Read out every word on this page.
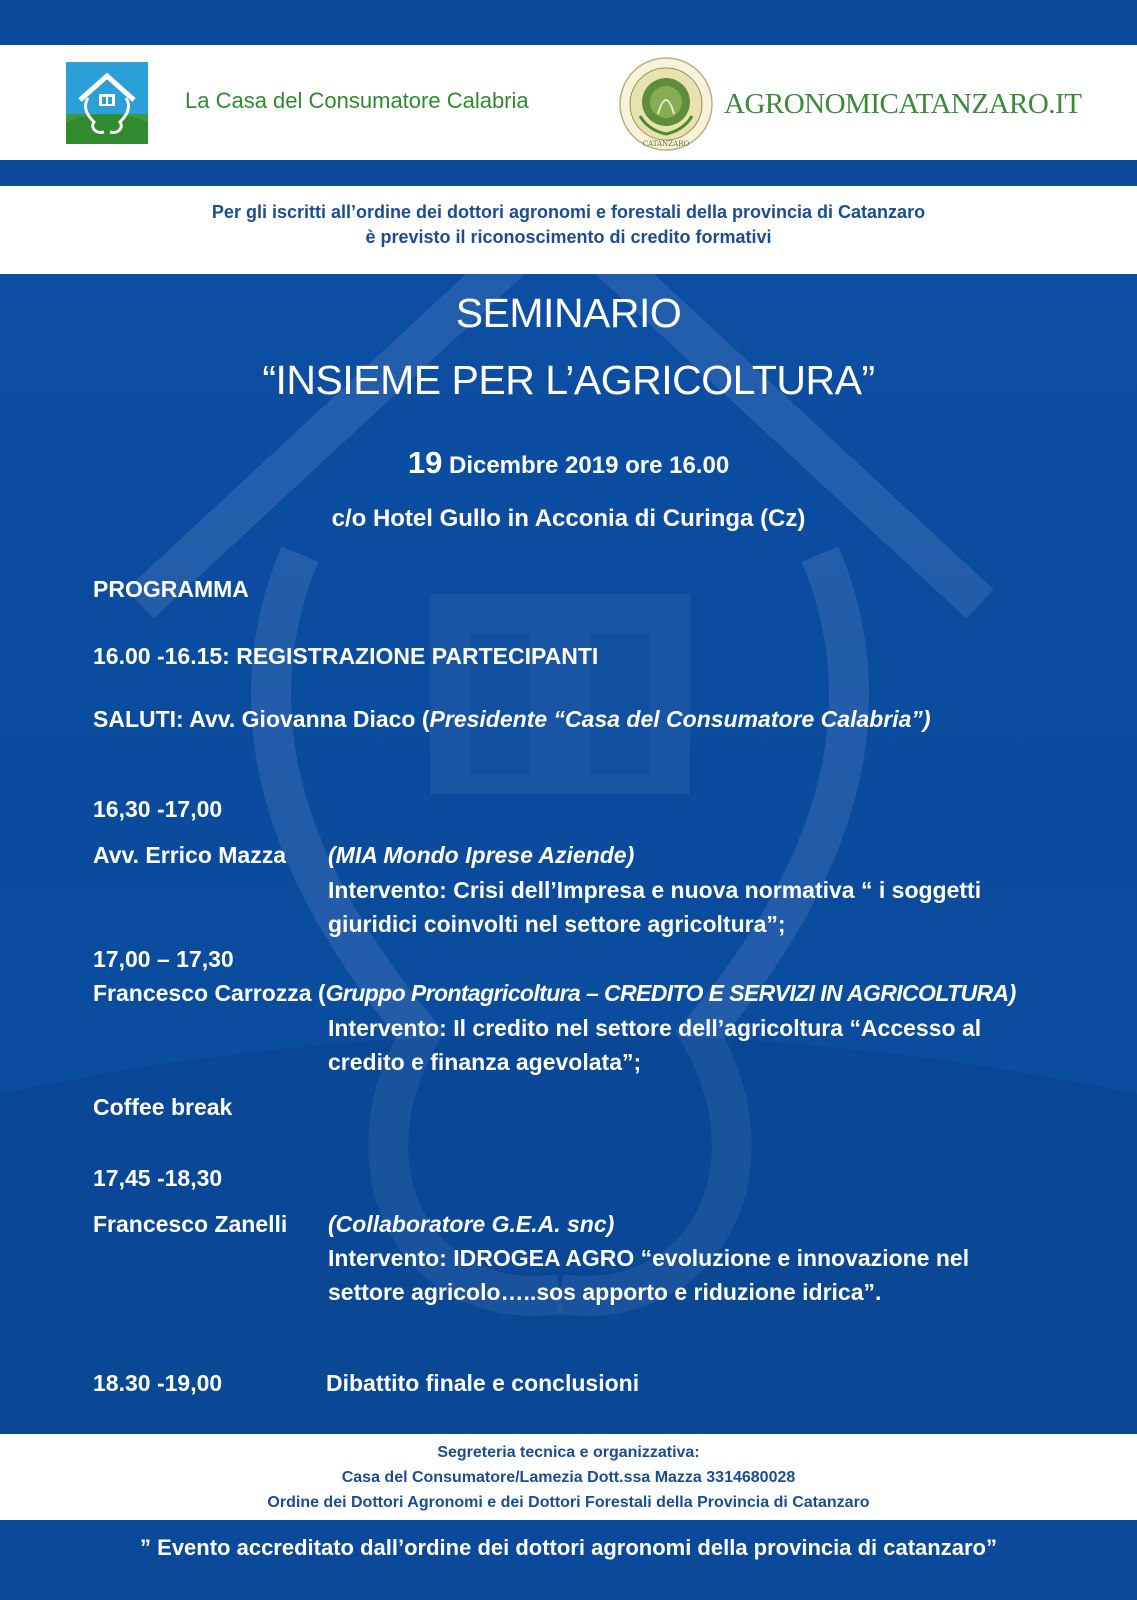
La Casa del Consumatore Calabria
CATANZARO
AGRONOMICATANZARO.IT
Per gli iscritti all’ordine dei dottori agronomi e forestali della provincia di Catanzaro
è previsto il riconoscimento di credito formativi
SEMINARIO
“INSIEME PER L’AGRICOLTURA”
19 Dicembre 2019 ore 16.00
c/o Hotel Gullo in Acconia di Curinga (Cz)
PROGRAMMA
16.00 -16.15: REGISTRAZIONE PARTECIPANTI
SALUTI: Avv. Giovanna Diaco (Presidente “Casa del Consumatore Calabria”)
16,30 -17,00
Avv. Errico Mazza (MIA Mondo Iprese Aziende)
Intervento: Crisi dell’Impresa e nuova normativa “ i soggetti
giuridici coinvolti nel settore agricoltura”;
17,00 – 17,30
Francesco Carrozza (Gruppo Prontagricoltura – CREDITO E SERVIZI IN AGRICOLTURA)
Intervento: Il credito nel settore dell’agricoltura “Accesso al
credito e finanza agevolata”;
Coffee break
17,45 -18,30
Francesco Zanelli (Collaboratore G.E.A. snc)
Intervento: IDROGEA AGRO “evoluzione e innovazione nel
settore agricolo…..sos apporto e riduzione idrica”.
18.30 -19,00	Dibattito finale e conclusioni
Segreteria tecnica e organizzativa:
Casa del Consumatore/Lamezia Dott.ssa Mazza 3314680028
Ordine dei Dottori Agronomi e dei Dottori Forestali della Provincia di Catanzaro
” Evento accreditato dall’ordine dei dottori agronomi della provincia di catanzaro”
